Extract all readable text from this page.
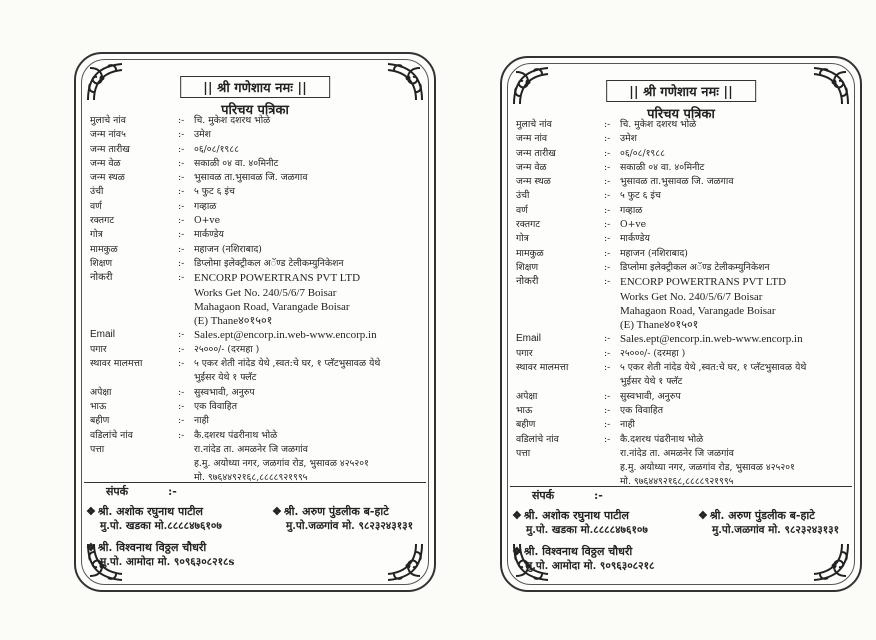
|| श्री गणेशाय नमः ||
परिचय पत्रिका
मुलाचे नांव	:- चि. मुकेश दशरथ भोळे
जन्म नांव५	:- उमेश
जन्म तारीख	:- ०६/०८/१९८८
जन्म वेळ	:- सकाळी ०४ वा. ४०मिनीट
जन्म स्थळ	:- भुसावळ ता.भुसावळ जि. जळगाव
उंची	:- ५ फुट ६ इंच
वर्ण	:- गव्हाळ
रक्तगट	:- O+ve
गोत्र	:- मार्कण्डेय
मामकुळ	:- महाजन (नशिराबाद)
शिक्षण	:- डिप्लोमा इलेक्ट्रीकल अॅण्ड टेलीकम्युनिकेशन
नोकरी	:- ENCORP POWERTRANS PVT LTD
Works Get No. 240/5/6/7 Boisar
Mahagaon Road, Varangade Boisar
(E) Thane४०१५०१
Email	:- Sales.ept@encorp.in.web-www.encorp.in
पगार	:- २५०००/- (दरमहा )
स्थावर मालमत्ता	:- ५ एकर शेती नांदेड येथे ,स्वत:चे घर, १ प्लॅटभुसावळ येथे
भुईसर येथे १ फ्लॅट
अपेक्षा	:- सुस्वभावी, अनुरुप
भाऊ	:- एक विवाहित
बहीण	:- नाही
वडिलांचे नांव	:- कै.दशरथ पंढरीनाथ भोळे
पत्ता	रा.नांदेड ता. अमळनेर जि जळगांव
ह.मु. अयोध्या नगर, जळगांव रोड, भुसावळ ४२५२०१
मो. ९७६४४९२१६८,८८८८९२१९९५
संपर्क	:-
❖ श्री. अशोक रघुनाथ पाटील
मु.पो. खडका मो.८८८८४७६१०७
❖ श्री. अरुण पुंडलीक ब-हाटे
मु.पो.जळगांव मो. ९८२३२४३१३१
❖ श्री. विश्वनाथ विठ्ठल चौधरी
मु.पो. आमोदा मो. ९०९६३०८२१८s
|| श्री गणेशाय नमः ||
परिचय पत्रिका
मुलाचे नांव	:- चि. मुकेश दशरथ भोळे
जन्म नांव	:- उमेश
जन्म तारीख	:- ०६/०८/१९८८
जन्म वेळ	:- सकाळी ०४ वा. ४०मिनीट
जन्म स्थळ	:- भुसावळ ता.भुसावळ जि. जळगाव
उंची	:- ५ फुट ६ इंच
वर्ण	:- गव्हाळ
रक्तगट	:- O+ve
गोत्र	:- मार्कण्डेय
मामकुळ	:- महाजन (नशिराबाद)
शिक्षण	:- डिप्लोमा इलेक्ट्रीकल अॅण्ड टेलीकम्युनिकेशन
नोकरी	:- ENCORP POWERTRANS PVT LTD
Works Get No. 240/5/6/7 Boisar
Mahagaon Road, Varangade Boisar
(E) Thane४०१५०१
Email	:- Sales.ept@encorp.in.web-www.encorp.in
पगार	:- २५०००/- (दरमहा )
स्थावर मालमत्ता	:- ५ एकर शेती नांदेड येथे ,स्वत:चे घर, १ प्लॅटभुसावळ येथे
भुईसर येथे १ फ्लॅट
अपेक्षा	:- सुस्वभावी, अनुरुप
भाऊ	:- एक विवाहित
बहीण	:- नाही
वडिलांचे नांव	:- कै.दशरथ पंढरीनाथ भोळे
पत्ता	रा.नांदेड ता. अमळनेर जि जळगांव
ह.मु. अयोध्या नगर, जळगांव रोड, भुसावळ ४२५२०१
मो. ९७६४४९२१६८,८८८८९२१९९५
संपर्क	:-
❖ श्री. अशोक रघुनाथ पाटील
मु.पो. खडका मो.८८८८४७६१०७
❖ श्री. अरुण पुंडलीक ब-हाटे
मु.पो.जळगांव मो. ९८२३२४३१३१
❖ श्री. विश्वनाथ विठ्ठल चौधरी
मु.पो. आमोदा मो. ९०९६३०८२१८
